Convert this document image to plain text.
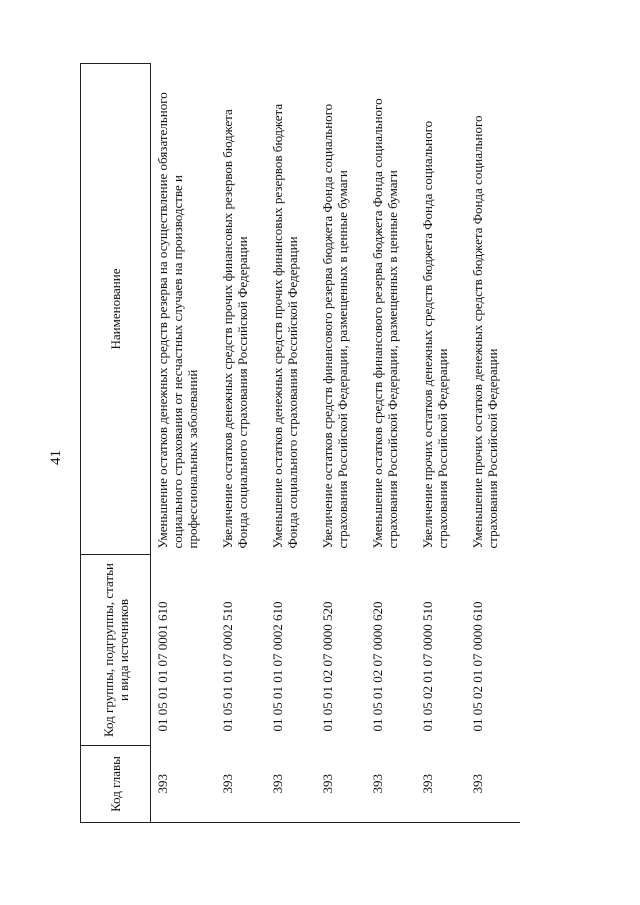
41
Код главы	Код группы, подгруппы, статьи и вида источников	Наименование
393	01 05 01 01 07 0001 610	Уменьшение остатков денежных средств резерва на осуществление обязательного социального страхования от несчастных случаев на производстве и профессиональных заболеваний
393	01 05 01 01 07 0002 510	Увеличение остатков денежных средств прочих финансовых резервов бюджета Фонда социального страхования Российской Федерации
393	01 05 01 01 07 0002 610	Уменьшение остатков денежных средств прочих финансовых резервов бюджета Фонда социального страхования Российской Федерации
393	01 05 01 02 07 0000 520	Увеличение остатков средств финансового резерва бюджета Фонда социального страхования Российской Федерации, размещенных в ценные бумаги
393	01 05 01 02 07 0000 620	Уменьшение остатков средств финансового резерва бюджета Фонда социального страхования Российской Федерации, размещенных в ценные бумаги
393	01 05 02 01 07 0000 510	Увеличение прочих остатков денежных средств бюджета Фонда социального страхования Российской Федерации
393	01 05 02 01 07 0000 610	Уменьшение прочих остатков денежных средств бюджета Фонда социального страхования Российской Федерации
